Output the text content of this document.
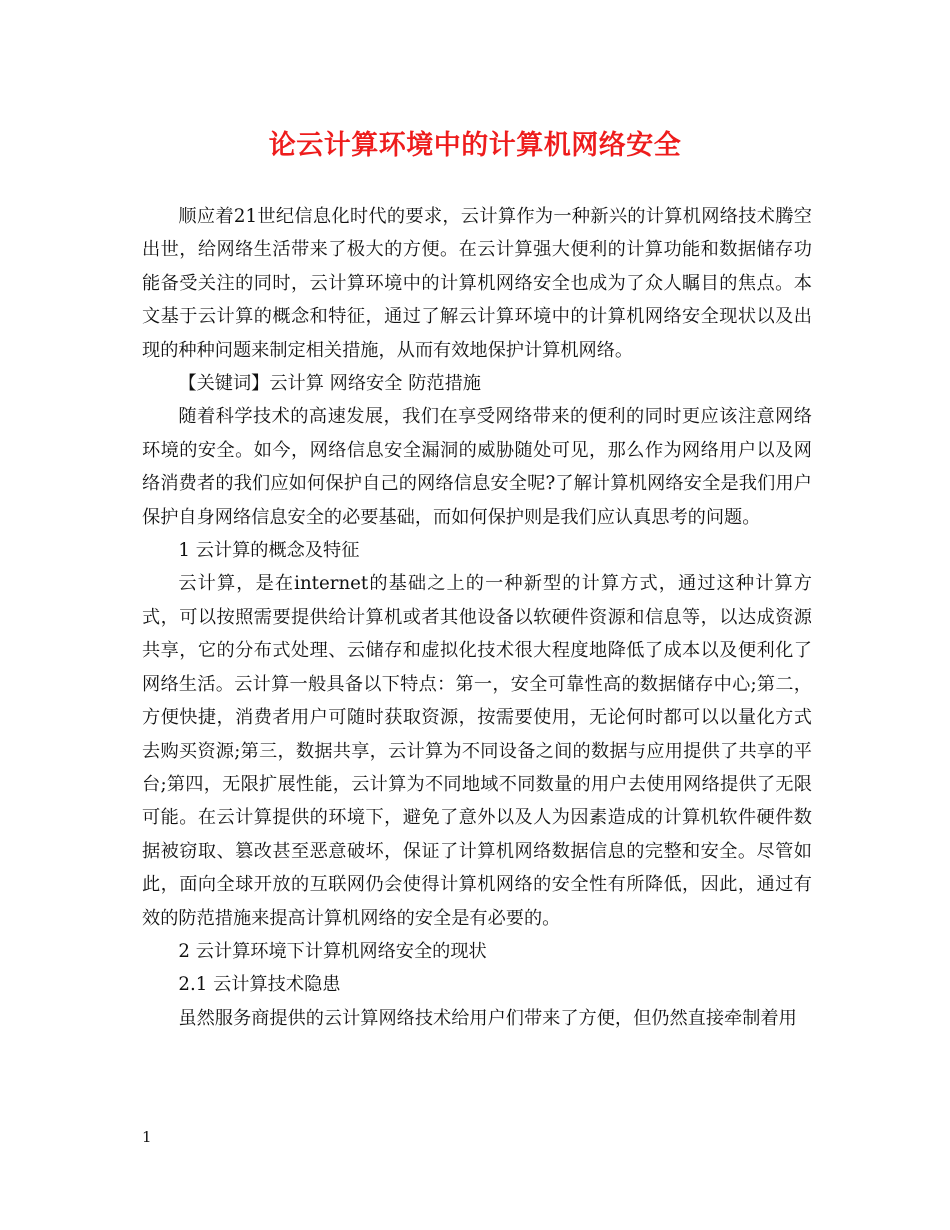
论云计算环境中的计算机网络安全

顺应着21世纪信息化时代的要求，云计算作为一种新兴的计算机网络技术腾空出世，给网络生活带来了极大的方便。在云计算强大便利的计算功能和数据储存功能备受关注的同时，云计算环境中的计算机网络安全也成为了众人瞩目的焦点。本文基于云计算的概念和特征，通过了解云计算环境中的计算机网络安全现状以及出现的种种问题来制定相关措施，从而有效地保护计算机网络。

【关键词】云计算 网络安全 防范措施

随着科学技术的高速发展，我们在享受网络带来的便利的同时更应该注意网络环境的安全。如今，网络信息安全漏洞的威胁随处可见，那么作为网络用户以及网络消费者的我们应如何保护自己的网络信息安全呢?了解计算机网络安全是我们用户保护自身网络信息安全的必要基础，而如何保护则是我们应认真思考的问题。

1 云计算的概念及特征

云计算，是在internet的基础之上的一种新型的计算方式，通过这种计算方式，可以按照需要提供给计算机或者其他设备以软硬件资源和信息等，以达成资源共享，它的分布式处理、云储存和虚拟化技术很大程度地降低了成本以及便利化了网络生活。云计算一般具备以下特点：第一，安全可靠性高的数据储存中心;第二，方便快捷，消费者用户可随时获取资源，按需要使用，无论何时都可以以量化方式去购买资源;第三，数据共享，云计算为不同设备之间的数据与应用提供了共享的平台;第四，无限扩展性能，云计算为不同地域不同数量的用户去使用网络提供了无限可能。在云计算提供的环境下，避免了意外以及人为因素造成的计算机软件硬件数据被窃取、篡改甚至恶意破坏，保证了计算机网络数据信息的完整和安全。尽管如此，面向全球开放的互联网仍会使得计算机网络的安全性有所降低，因此，通过有效的防范措施来提高计算机网络的安全是有必要的。

2 云计算环境下计算机网络安全的现状

2.1 云计算技术隐患

虽然服务商提供的云计算网络技术给用户们带来了方便，但仍然直接牵制着用

1
